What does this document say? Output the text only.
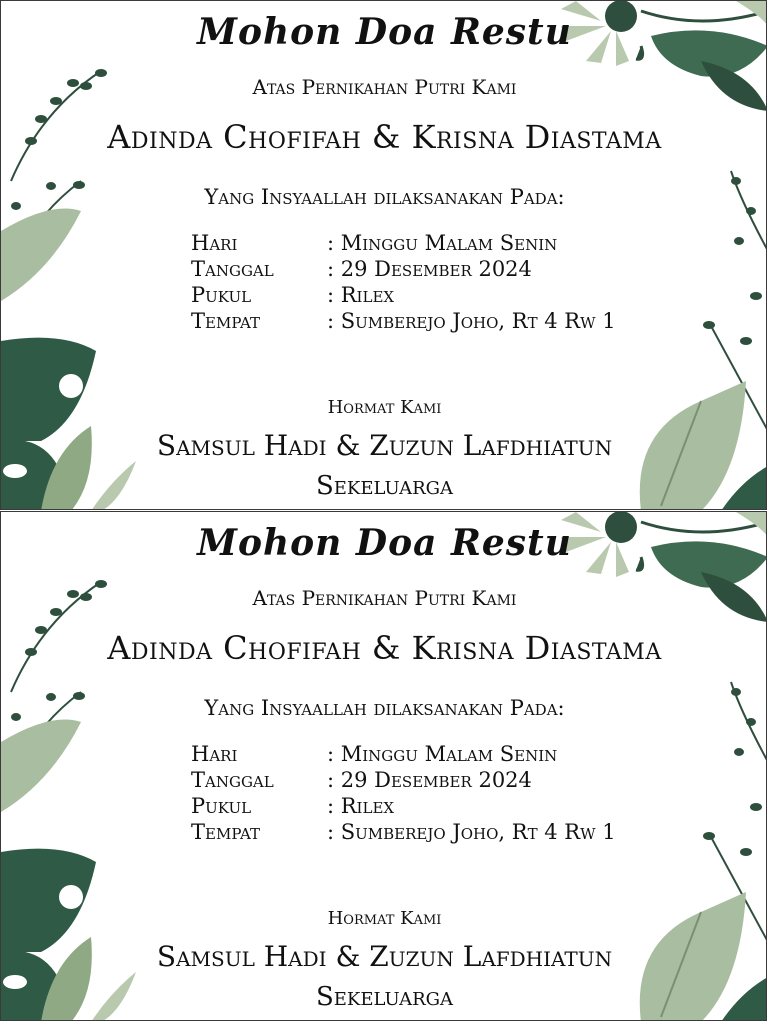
Mohon Doa Restu
Atas Pernikahan Putri Kami
Adinda Chofifah & Krisna Diastama
Yang Insyaallah dilaksanakan Pada:
Hari	: Minggu Malam Senin
Tanggal	: 29 Desember 2024
Pukul	: Rilex
Tempat	: Sumberejo Joho, Rt 4 Rw 1
Hormat Kami
Samsul Hadi & Zuzun Lafdhiatun
Sekeluarga
Mohon Doa Restu
Atas Pernikahan Putri Kami
Adinda Chofifah & Krisna Diastama
Yang Insyaallah dilaksanakan Pada:
Hari	: Minggu Malam Senin
Tanggal	: 29 Desember 2024
Pukul	: Rilex
Tempat	: Sumberejo Joho, Rt 4 Rw 1
Hormat Kami
Samsul Hadi & Zuzun Lafdhiatun
Sekeluarga
